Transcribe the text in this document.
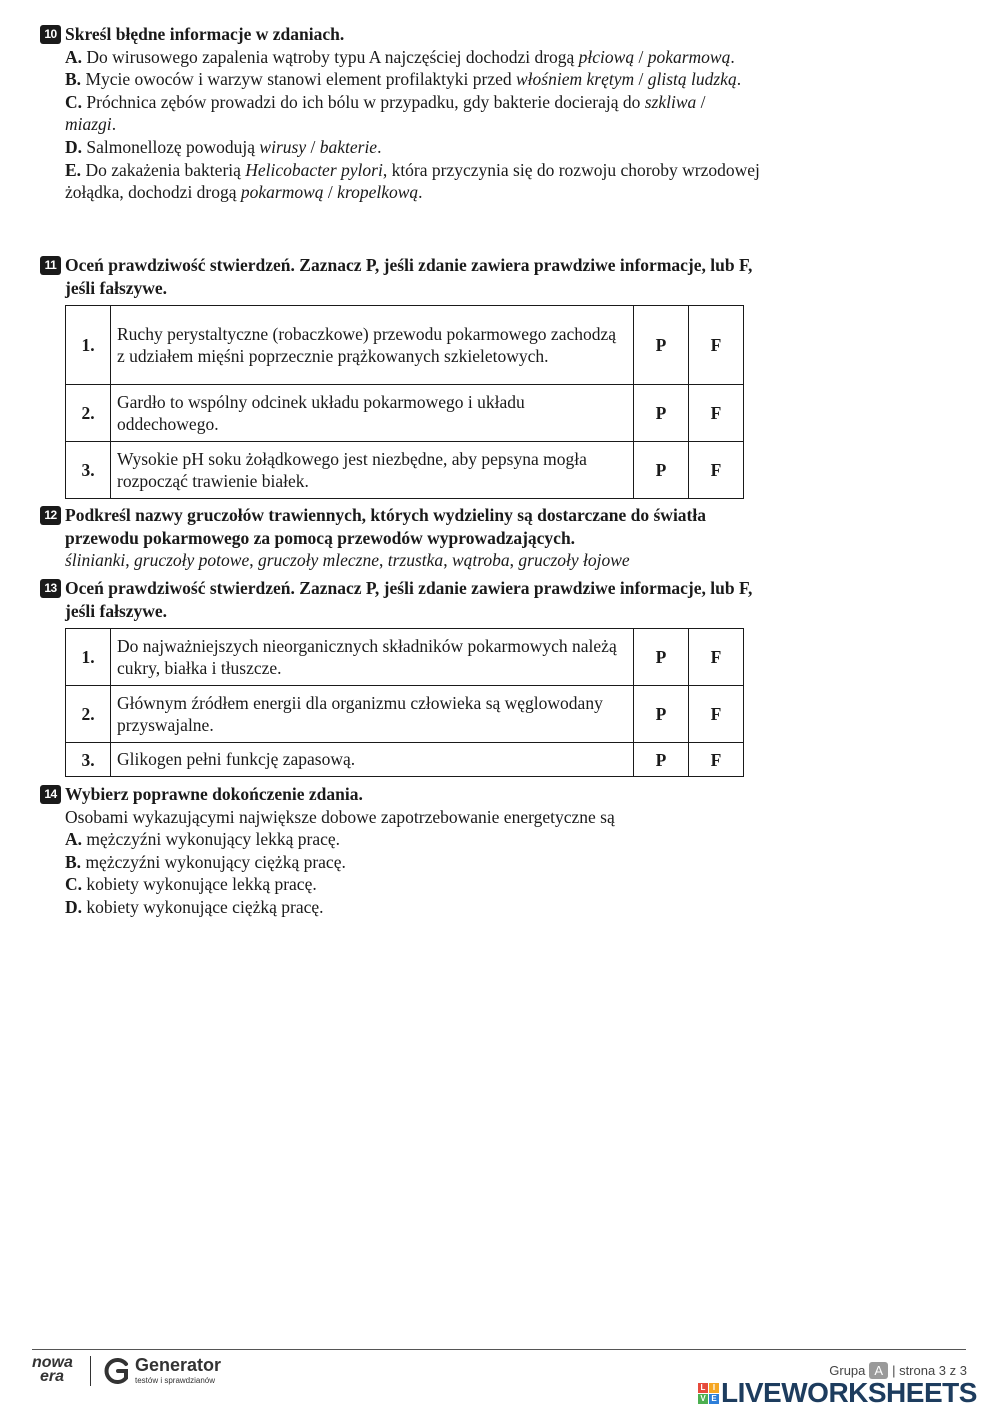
10 Skreśl błędne informacje w zdaniach.
A. Do wirusowego zapalenia wątroby typu A najczęściej dochodzi drogą płciową / pokarmową.
B. Mycie owoców i warzyw stanowi element profilaktyki przed włośniem krętym / glistą ludzką.
C. Próchnica zębów prowadzi do ich bólu w przypadku, gdy bakterie docierają do szkliwa / miazgi.
D. Salmonellozę powodują wirusy / bakterie.
E. Do zakażenia bakterią Helicobacter pylori, która przyczynia się do rozwoju choroby wrzodowej żołądka, dochodzi drogą pokarmową / kropelkową.
11 Oceń prawdziwość stwierdzeń. Zaznacz P, jeśli zdanie zawiera prawdziwe informacje, lub F, jeśli fałszywe.
1.	Ruchy perystaltyczne (robaczkowe) przewodu pokarmowego zachodzą z udziałem mięśni poprzecznie prążkowanych szkieletowych.	P	F
2.	Gardło to wspólny odcinek układu pokarmowego i układu oddechowego.	P	F
3.	Wysokie pH soku żołądkowego jest niezbędne, aby pepsyna mogła rozpocząć trawienie białek.	P	F
12 Podkreśl nazwy gruczołów trawiennych, których wydzieliny są dostarczane do światła przewodu pokarmowego za pomocą przewodów wyprowadzających.
ślinianki, gruczoły potowe, gruczoły mleczne, trzustka, wątroba, gruczoły łojowe
13 Oceń prawdziwość stwierdzeń. Zaznacz P, jeśli zdanie zawiera prawdziwe informacje, lub F, jeśli fałszywe.
1.	Do najważniejszych nieorganicznych składników pokarmowych należą cukry, białka i tłuszcze.	P	F
2.	Głównym źródłem energii dla organizmu człowieka są węglowodany przyswajalne.	P	F
3.	Glikogen pełni funkcję zapasową.	P	F
14 Wybierz poprawne dokończenie zdania.
Osobami wykazującymi największe dobowe zapotrzebowanie energetyczne są
A. mężczyźni wykonujący lekką pracę.
B. mężczyźni wykonujący ciężką pracę.
C. kobiety wykonujące lekką pracę.
D. kobiety wykonujące ciężką pracę.
nowa
era
Generator
testów i sprawdzianów
Grupa A | strona 3 z 3
L I
V E LIVEWORKSHEETS
